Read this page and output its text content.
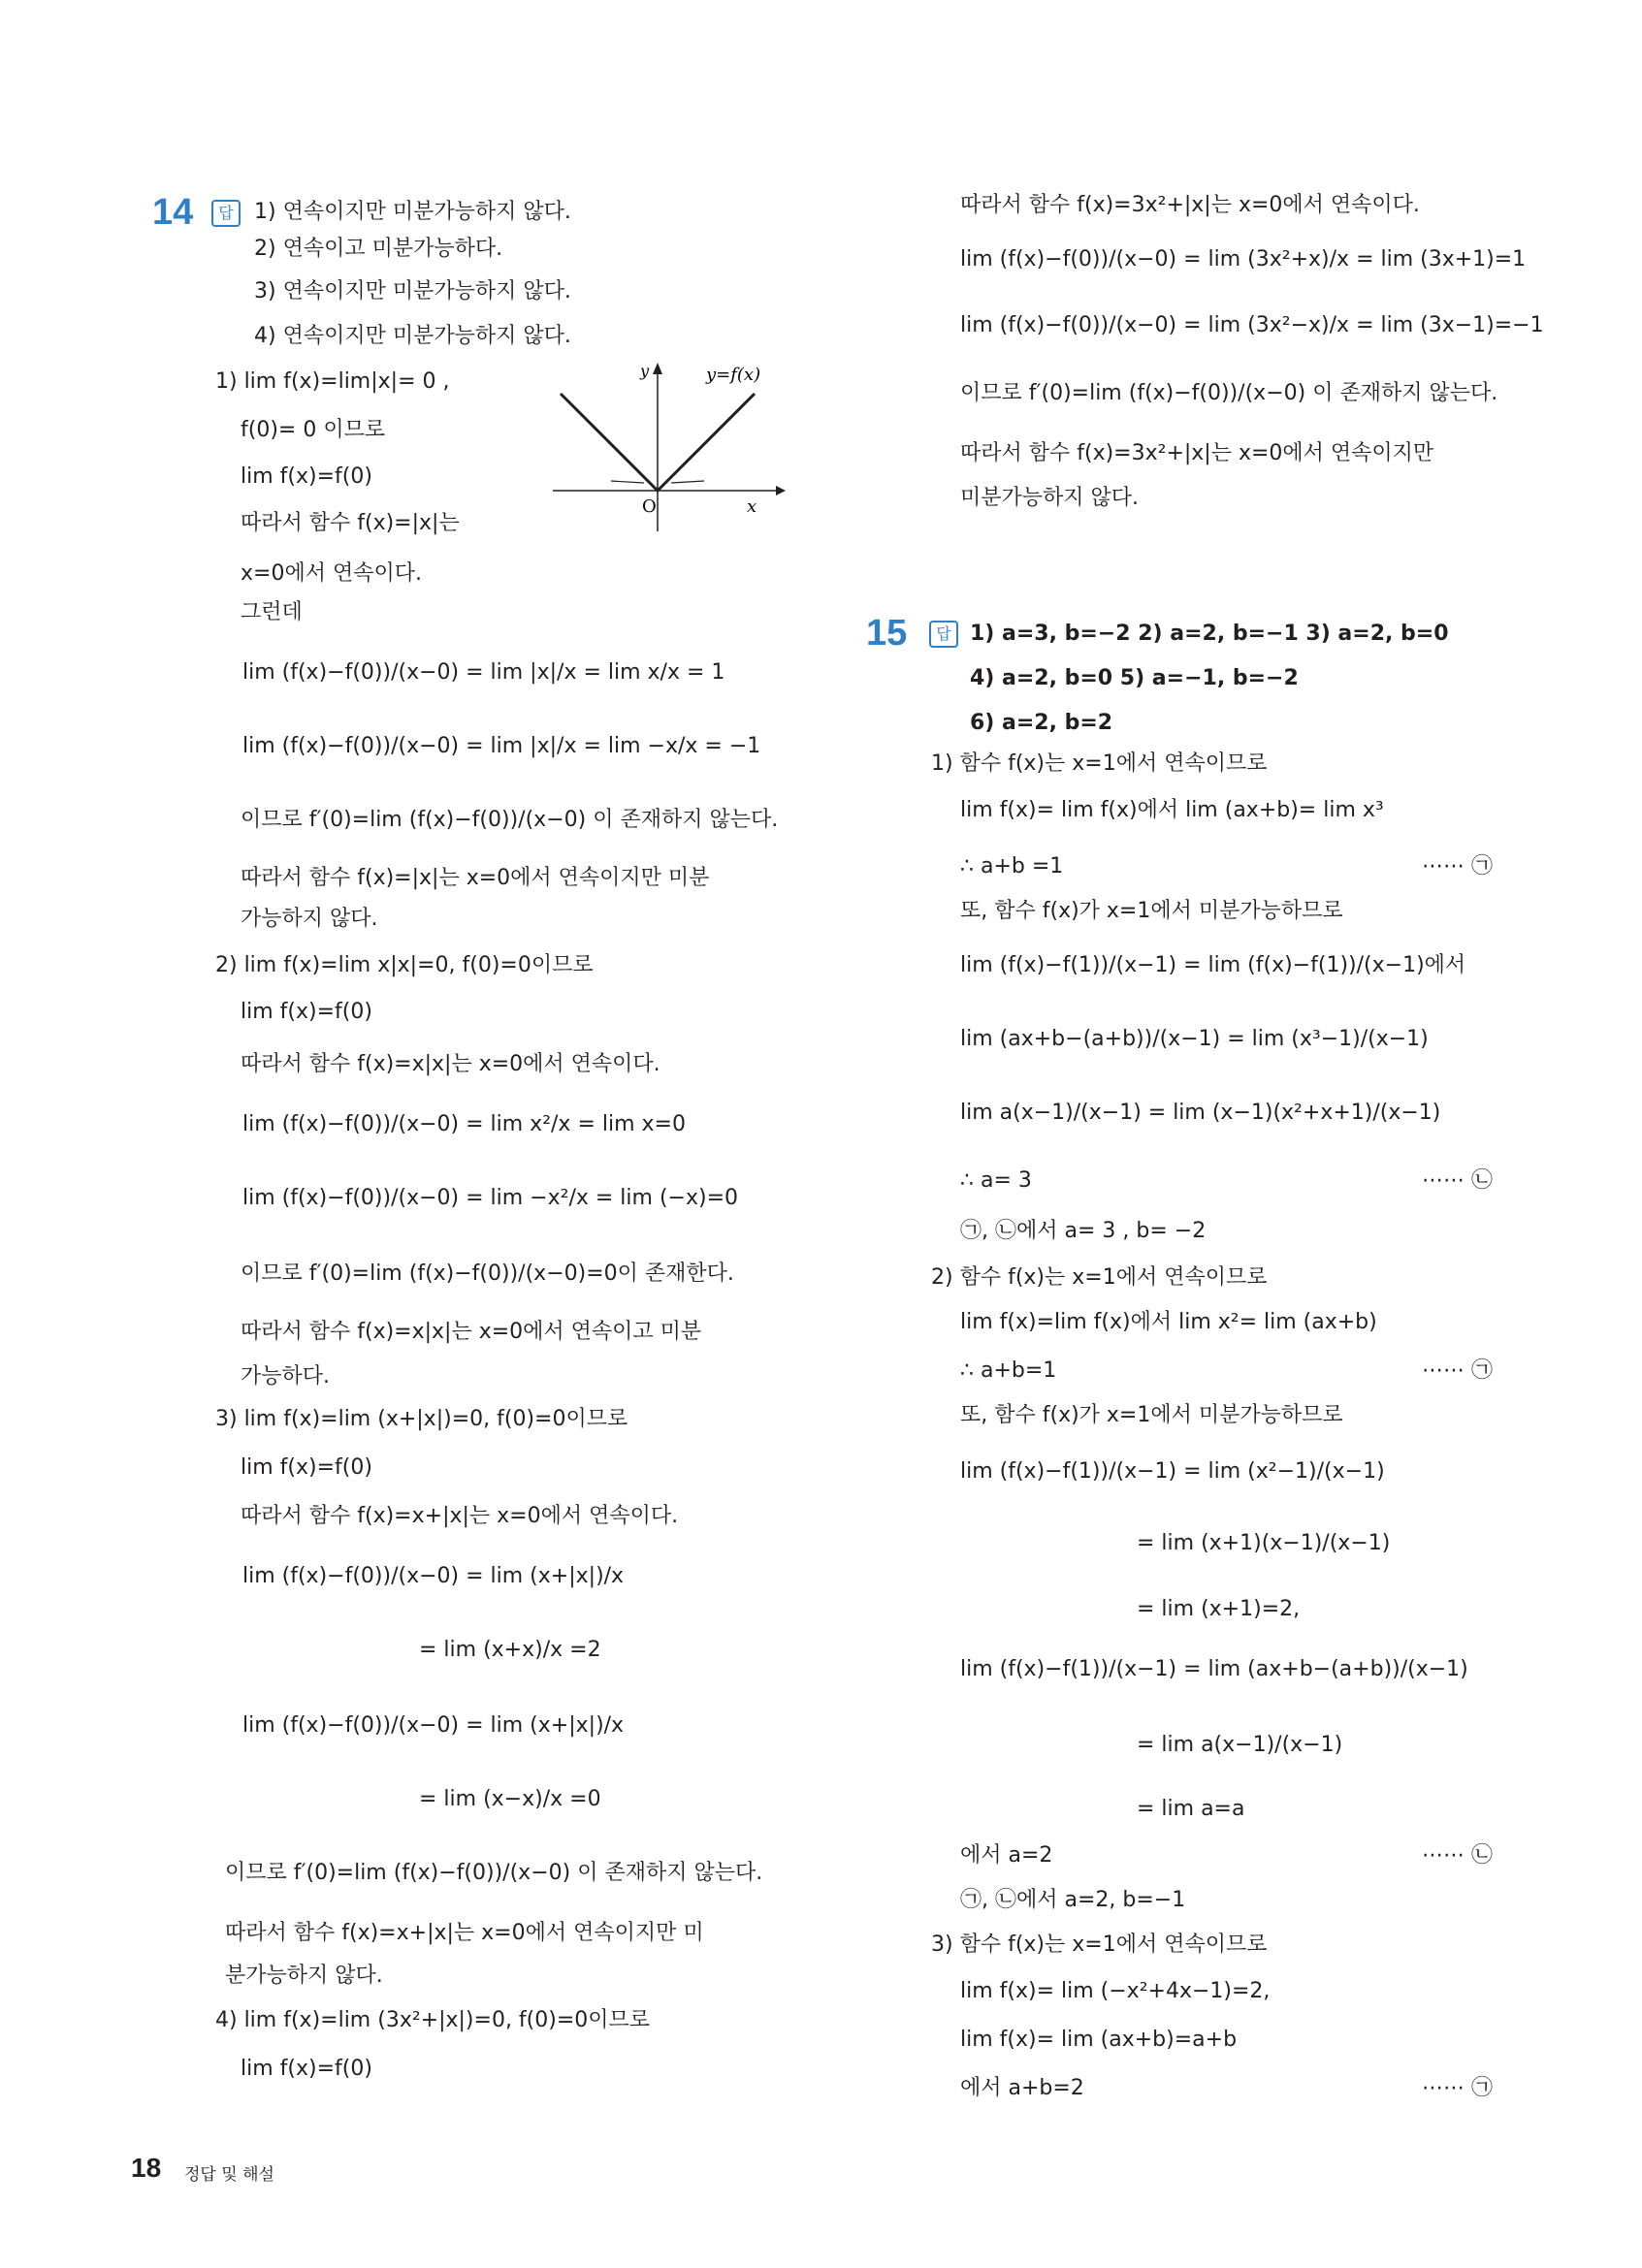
14	답 1) 연속이지만 미분가능하지 않다.
2) 연속이고 미분가능하다.
3) 연속이지만 미분가능하지 않다.
4) 연속이지만 미분가능하지 않다.
1) lim f(x)=lim|x|= 0 ,
f(0)= 0 이므로
lim f(x)=f(0)
따라서 함수 f(x)=|x|는
x=0에서 연속이다.
그런데
lim (f(x)−f(0))/(x−0) = lim |x|/x = lim x/x = 1
lim (f(x)−f(0))/(x−0) = lim |x|/x = lim −x/x = −1
이므로 f′(0)=lim (f(x)−f(0))/(x−0) 이 존재하지 않는다.
따라서 함수 f(x)=|x|는 x=0에서 연속이지만 미분
가능하지 않다.
y	y=f(x)
O	x
2) lim f(x)=lim x|x|=0, f(0)=0이므로
lim f(x)=f(0)
따라서 함수 f(x)=x|x|는 x=0에서 연속이다.
lim (f(x)−f(0))/(x−0) = lim x²/x = lim x=0
lim (f(x)−f(0))/(x−0) = lim −x²/x = lim (−x)=0
이므로 f′(0)=lim (f(x)−f(0))/(x−0)=0이 존재한다.
따라서 함수 f(x)=x|x|는 x=0에서 연속이고 미분
가능하다.
3) lim f(x)=lim (x+|x|)=0, f(0)=0이므로
lim f(x)=f(0)
따라서 함수 f(x)=x+|x|는 x=0에서 연속이다.
lim (f(x)−f(0))/(x−0) = lim (x+|x|)/x
= lim (x+x)/x =2
lim (f(x)−f(0))/(x−0) = lim (x+|x|)/x
= lim (x−x)/x =0
이므로 f′(0)=lim (f(x)−f(0))/(x−0) 이 존재하지 않는다.
따라서 함수 f(x)=x+|x|는 x=0에서 연속이지만 미
분가능하지 않다.
4) lim f(x)=lim (3x²+|x|)=0, f(0)=0이므로
lim f(x)=f(0)
따라서 함수 f(x)=3x²+|x|는 x=0에서 연속이다.
lim (f(x)−f(0))/(x−0) = lim (3x²+x)/x = lim (3x+1)=1
lim (f(x)−f(0))/(x−0) = lim (3x²−x)/x = lim (3x−1)=−1
이므로 f′(0)=lim (f(x)−f(0))/(x−0) 이 존재하지 않는다.
따라서 함수 f(x)=3x²+|x|는 x=0에서 연속이지만
미분가능하지 않다.
15	답 1) a=3, b=−2 2) a=2, b=−1 3) a=2, b=0
4) a=2, b=0 5) a=−1, b=−2
6) a=2, b=2
1) 함수 f(x)는 x=1에서 연속이므로
lim f(x)= lim f(x)에서 lim (ax+b)= lim x³
∴ a+b =1	⋯⋯ ㉠
또, 함수 f(x)가 x=1에서 미분가능하므로
lim (f(x)−f(1))/(x−1) = lim (f(x)−f(1))/(x−1)에서
lim (ax+b−(a+b))/(x−1) = lim (x³−1)/(x−1)
lim a(x−1)/(x−1) = lim (x−1)(x²+x+1)/(x−1)
∴ a= 3	⋯⋯ ㉡
㉠, ㉡에서 a= 3 , b= −2
2) 함수 f(x)는 x=1에서 연속이므로
lim f(x)=lim f(x)에서 lim x²= lim (ax+b)
∴ a+b=1	⋯⋯ ㉠
또, 함수 f(x)가 x=1에서 미분가능하므로
lim (f(x)−f(1))/(x−1) = lim (x²−1)/(x−1)
= lim (x+1)(x−1)/(x−1)
= lim (x+1)=2,
lim (f(x)−f(1))/(x−1) = lim (ax+b−(a+b))/(x−1)
= lim a(x−1)/(x−1)
= lim a=a
에서 a=2	⋯⋯ ㉡
㉠, ㉡에서 a=2, b=−1
3) 함수 f(x)는 x=1에서 연속이므로
lim f(x)= lim (−x²+4x−1)=2,
lim f(x)= lim (ax+b)=a+b
에서 a+b=2	⋯⋯ ㉠
18 정답 및 해설
